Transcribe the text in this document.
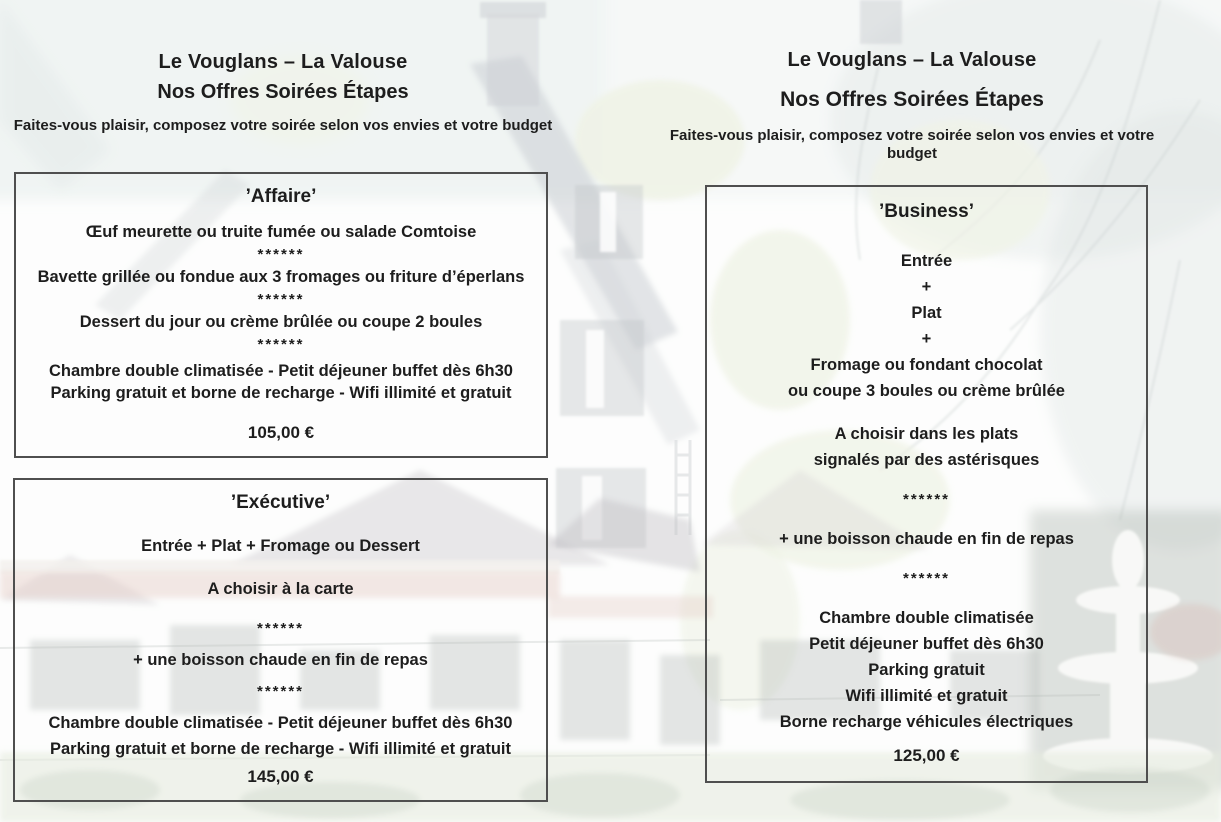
Le Vouglans – La Valouse
Nos Offres Soirées Étapes
Faites-vous plaisir, composez votre soirée selon vos envies et votre budget
Le Vouglans – La Valouse
Nos Offres Soirées Étapes
Faites-vous plaisir, composez votre soirée selon vos envies et votre budget
’Affaire’
Œuf meurette ou truite fumée ou salade Comtoise
******
Bavette grillée ou fondue aux 3 fromages ou friture d’éperlans
******
Dessert du jour ou crème brûlée ou coupe 2 boules
******
Chambre double climatisée - Petit déjeuner buffet dès 6h30
Parking gratuit et borne de recharge - Wifi illimité et gratuit
105,00 €
’Exécutive’
Entrée + Plat + Fromage ou Dessert
A choisir à la carte
******
+ une boisson chaude en fin de repas
******
Chambre double climatisée - Petit déjeuner buffet dès 6h30
Parking gratuit et borne de recharge - Wifi illimité et gratuit
145,00 €
’Business’
Entrée
+
Plat
+
Fromage ou fondant chocolat
ou coupe 3 boules ou crème brûlée
A choisir dans les plats
signalés par des astérisques
******
+ une boisson chaude en fin de repas
******
Chambre double climatisée
Petit déjeuner buffet dès 6h30
Parking gratuit
Wifi illimité et gratuit
Borne recharge véhicules électriques
125,00 €
